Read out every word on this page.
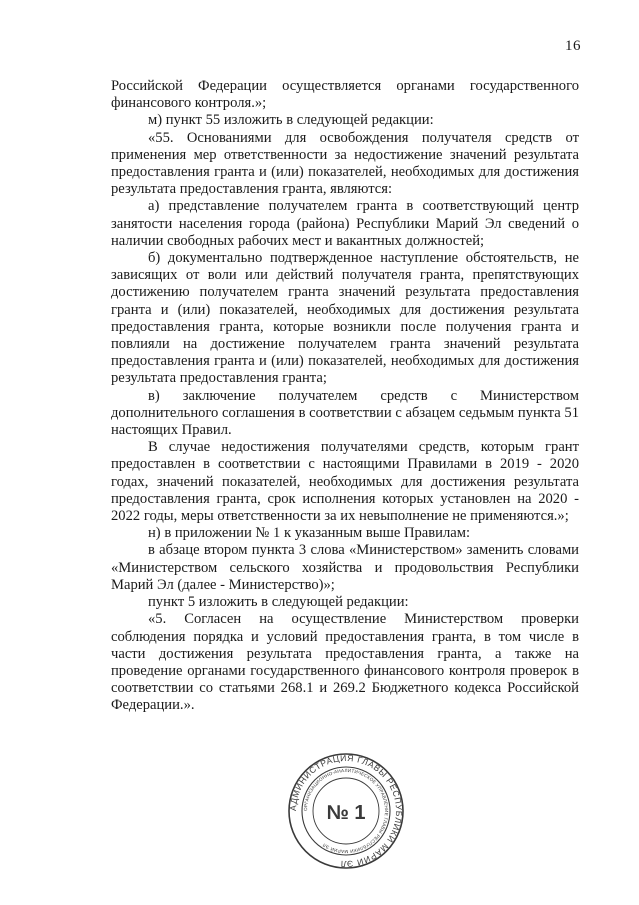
16

Российской Федерации осуществляется органами государственного финансового контроля.»;

м) пункт 55 изложить в следующей редакции:

«55. Основаниями для освобождения получателя средств от применения мер ответственности за недостижение значений результата предоставления гранта и (или) показателей, необходимых для достижения результата предоставления гранта, являются:

а) представление получателем гранта в соответствующий центр занятости населения города (района) Республики Марий Эл сведений о наличии свободных рабочих мест и вакантных должностей;

б) документально подтвержденное наступление обстоятельств, не зависящих от воли или действий получателя гранта, препятствующих достижению получателем гранта значений результата предоставления гранта и (или) показателей, необходимых для достижения результата предоставления гранта, которые возникли после получения гранта и повлияли на достижение получателем гранта значений результата предоставления гранта и (или) показателей, необходимых для достижения результата предоставления гранта;

в) заключение получателем средств с Министерством дополнительного соглашения в соответствии с абзацем седьмым пункта 51 настоящих Правил.

В случае недостижения получателями средств, которым грант предоставлен в соответствии с настоящими Правилами в 2019 - 2020 годах, значений показателей, необходимых для достижения результата предоставления гранта, срок исполнения которых установлен на 2020 - 2022 годы, меры ответственности за их невыполнение не применяются.»;

н) в приложении № 1 к указанным выше Правилам:

в абзаце втором пункта 3 слова «Министерством» заменить словами «Министерством сельского хозяйства и продовольствия Республики Марий Эл (далее - Министерство)»;

пункт 5 изложить в следующей редакции:

«5. Согласен на осуществление Министерством проверки соблюдения порядка и условий предоставления гранта, в том числе в части достижения результата предоставления гранта, а также на проведение органами государственного финансового контроля проверок в соответствии со статьями 268.1 и 269.2 Бюджетного кодекса Российской Федерации.».

АДМИНИСТРАЦИЯ ГЛАВЫ РЕСПУБЛИКИ МАРИЙ ЭЛ
ОРГАНИЗАЦИОННО-АНАЛИТИЧЕСКОЕ УПРАВЛЕНИЕ ГЛАВЫ РЕСПУБЛИКИ МАРИЙ ЭЛ
№ 1
